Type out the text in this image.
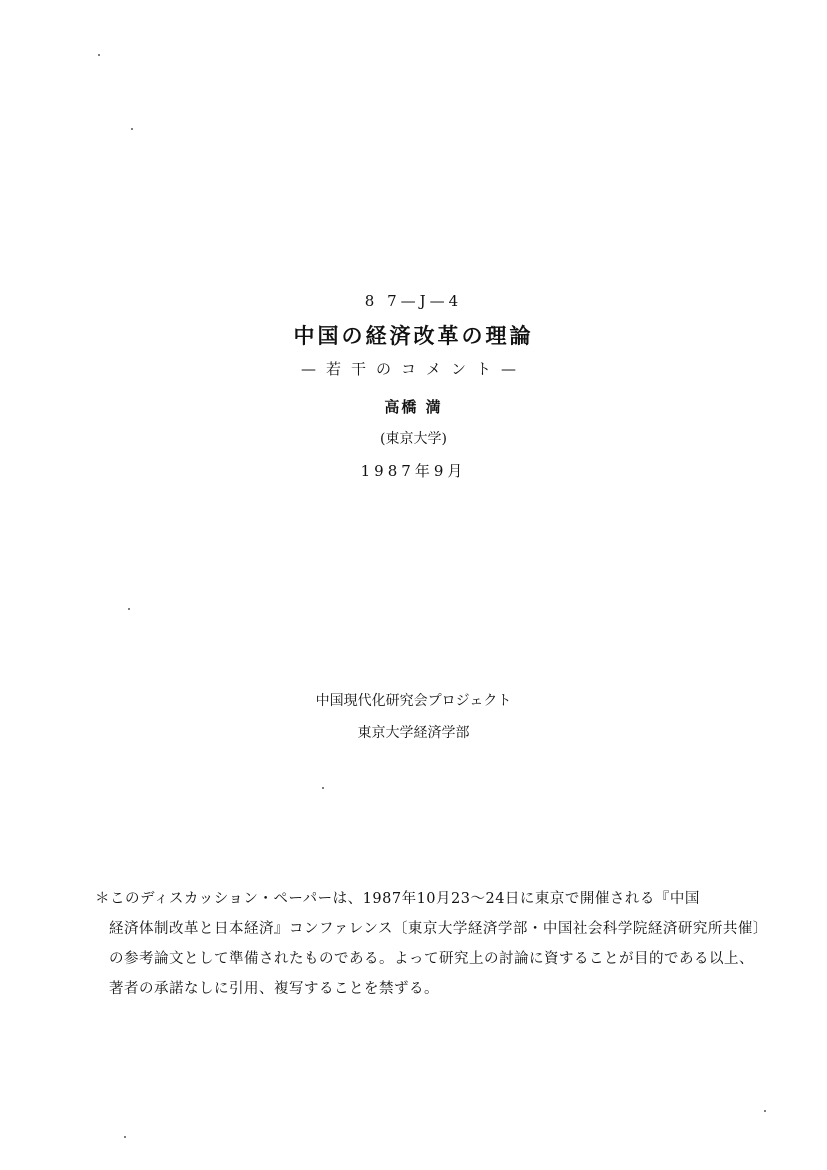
8 7—J—4
中国の経済改革の理論
—若干のコメント—
高橋 満
(東京大学)
1987年9月
中国現代化研究会プロジェクト
東京大学経済学部
＊このディスカッション・ペーパーは、1987年10月23～24日に東京で開催される『中国
経済体制改革と日本経済』コンファレンス〔東京大学経済学部・中国社会科学院経済研究所共催〕
の参考論文として準備されたものである。よって研究上の討論に資することが目的である以上、
著者の承諾なしに引用、複写することを禁ずる。
